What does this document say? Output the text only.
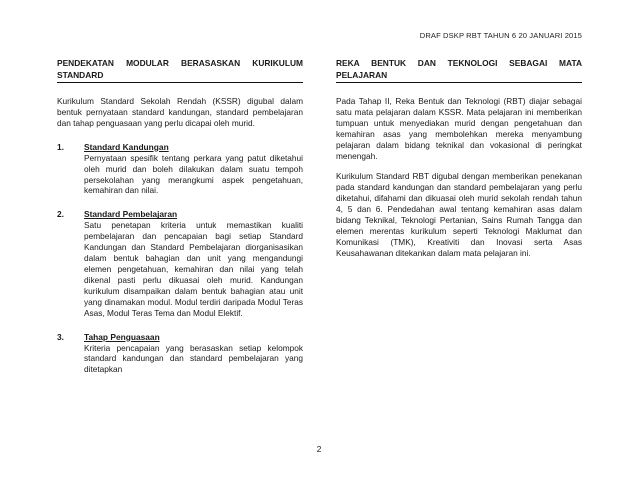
DRAF DSKP RBT TAHUN 6 20 JANUARI 2015
PENDEKATAN MODULAR BERASASKAN KURIKULUM STANDARD

Kurikulum Standard Sekolah Rendah (KSSR) digubal dalam bentuk pernyataan standard kandungan, standard pembelajaran dan tahap penguasaan yang perlu dicapai oleh murid.

1.	Standard Kandungan
Pernyataan spesifik tentang perkara yang patut diketahui oleh murid dan boleh dilakukan dalam suatu tempoh persekolahan yang merangkumi aspek pengetahuan, kemahiran dan nilai.
2.	Standard Pembelajaran
Satu penetapan kriteria untuk memastikan kualiti pembelajaran dan pencapaian bagi setiap Standard Kandungan dan Standard Pembelajaran diorganisasikan dalam bentuk bahagian dan unit yang mengandungi elemen pengetahuan, kemahiran dan nilai yang telah dikenal pasti perlu dikuasai oleh murid. Kandungan kurikulum disampaikan dalam bentuk bahagian atau unit yang dinamakan modul. Modul terdiri daripada Modul Teras Asas, Modul Teras Tema dan Modul Elektif.
3.	Tahap Penguasaan
Kriteria pencapaian yang berasaskan setiap kelompok standard kandungan dan standard pembelajaran yang ditetapkan
REKA BENTUK DAN TEKNOLOGI SEBAGAI MATA PELAJARAN

Pada Tahap II, Reka Bentuk dan Teknologi (RBT) diajar sebagai satu mata pelajaran dalam KSSR. Mata pelajaran ini memberikan tumpuan untuk menyediakan murid dengan pengetahuan dan kemahiran asas yang membolehkan mereka menyambung pelajaran dalam bidang teknikal dan vokasional di peringkat menengah.

Kurikulum Standard RBT digubal dengan memberikan penekanan pada standard kandungan dan standard pembelajaran yang perlu diketahui, difahami dan dikuasai oleh murid sekolah rendah tahun 4, 5 dan 6. Pendedahan awal tentang kemahiran asas dalam bidang Teknikal, Teknologi Pertanian, Sains Rumah Tangga dan elemen merentas kurikulum seperti Teknologi Maklumat dan Komunikasi (TMK), Kreativiti dan Inovasi serta Asas Keusahawanan ditekankan dalam mata pelajaran ini.

2
